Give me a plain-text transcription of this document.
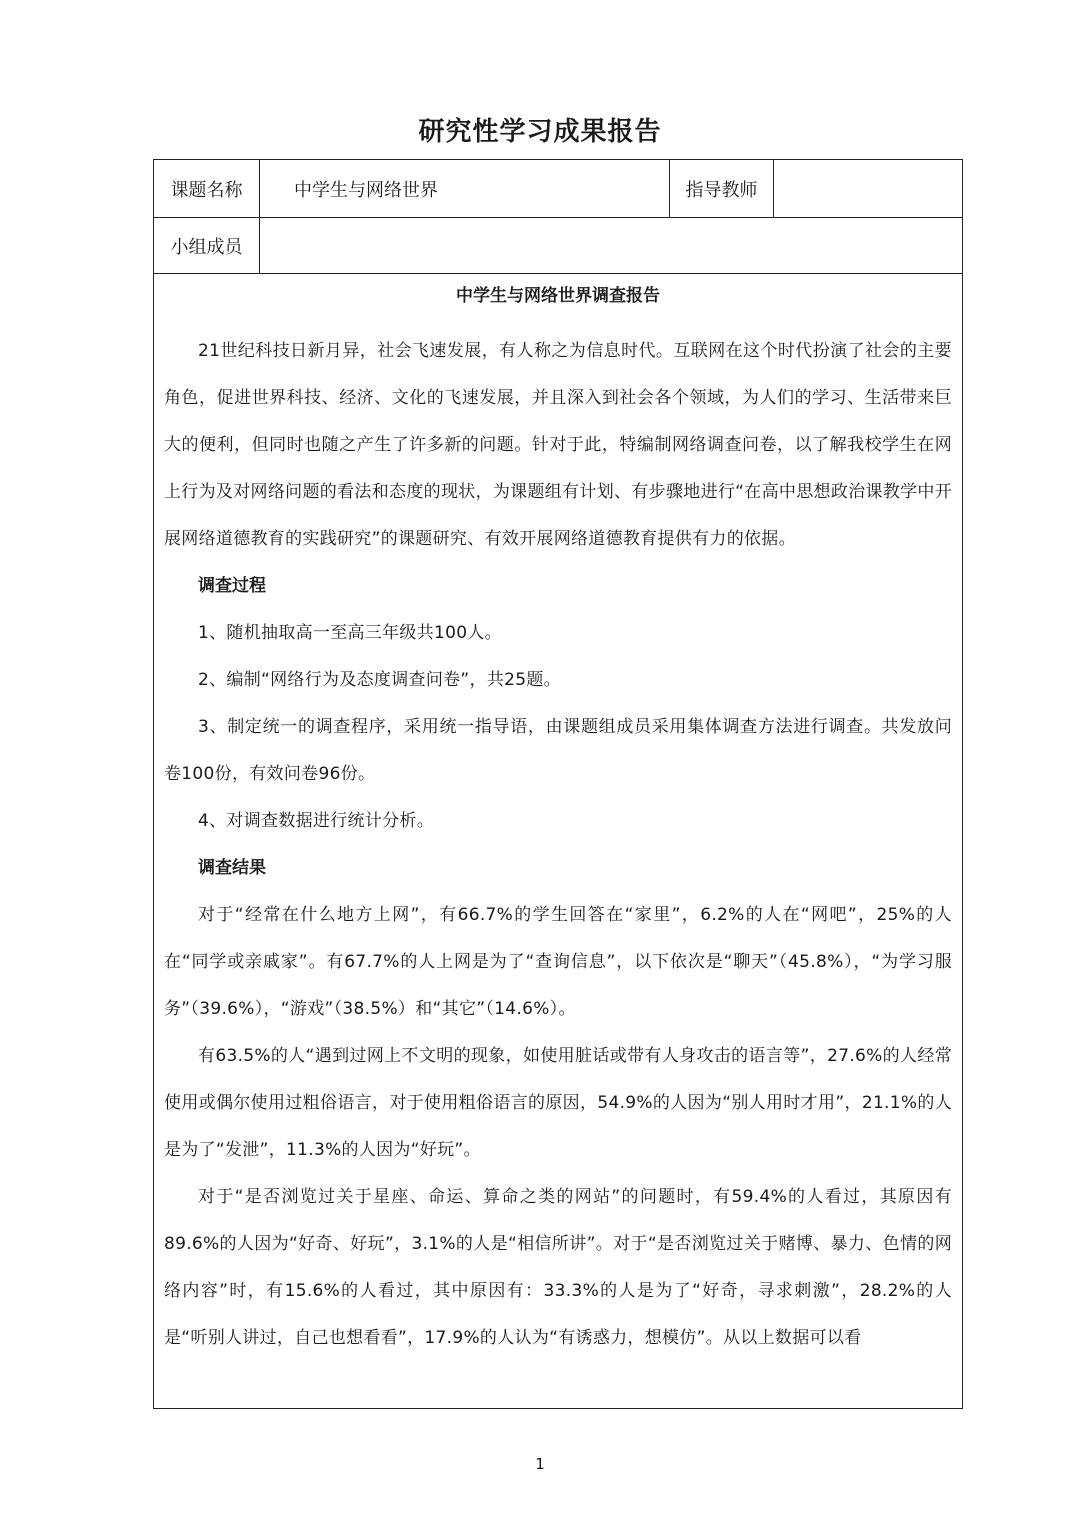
研究性学习成果报告
课题名称	中学生与网络世界	指导教师
小组成员

中学生与网络世界调查报告

21世纪科技日新月异，社会飞速发展，有人称之为信息时代。互联网在这个时代扮演了社会的主要角色，促进世界科技、经济、文化的飞速发展，并且深入到社会各个领域，为人们的学习、生活带来巨大的便利，但同时也随之产生了许多新的问题。针对于此，特编制网络调查问卷，以了解我校学生在网上行为及对网络问题的看法和态度的现状，为课题组有计划、有步骤地进行“在高中思想政治课教学中开展网络道德教育的实践研究”的课题研究、有效开展网络道德教育提供有力的依据。

调查过程

1、随机抽取高一至高三年级共100人。

2、编制“网络行为及态度调查问卷”，共25题。

3、制定统一的调查程序，采用统一指导语，由课题组成员采用集体调查方法进行调查。共发放问卷100份，有效问卷96份。

4、对调查数据进行统计分析。

调查结果

对于“经常在什么地方上网”，有66.7%的学生回答在“家里”，6.2%的人在“网吧”，25%的人在“同学或亲戚家”。有67.7%的人上网是为了“查询信息”，以下依次是“聊天”（45.8%），“为学习服务”（39.6%），“游戏”（38.5%）和“其它”（14.6%）。

有63.5%的人“遇到过网上不文明的现象，如使用脏话或带有人身攻击的语言等”，27.6%的人经常使用或偶尔使用过粗俗语言，对于使用粗俗语言的原因，54.9%的人因为“别人用时才用”，21.1%的人是为了“发泄”，11.3%的人因为“好玩”。

对于“是否浏览过关于星座、命运、算命之类的网站”的问题时，有59.4%的人看过，其原因有89.6%的人因为“好奇、好玩”，3.1%的人是“相信所讲”。对于“是否浏览过关于赌博、暴力、色情的网络内容”时，有15.6%的人看过，其中原因有：33.3%的人是为了“好奇，寻求刺激”，28.2%的人是“听别人讲过，自己也想看看”，17.9%的人认为“有诱惑力，想模仿”。从以上数据可以看

1
